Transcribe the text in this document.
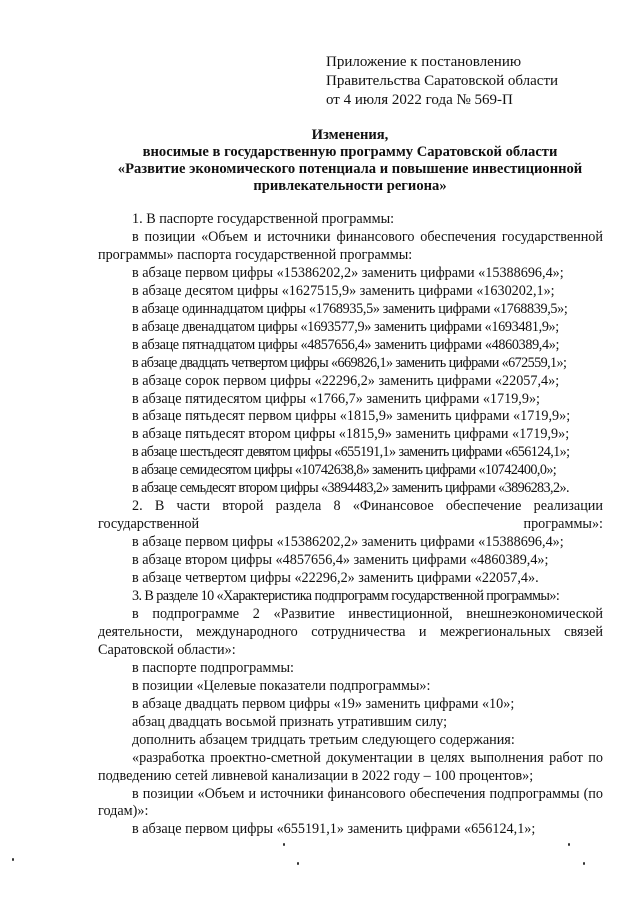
Приложение к постановлению
Правительства Саратовской области
от 4 июля 2022 года № 569-П
Изменения,
вносимые в государственную программу Саратовской области
«Развитие экономического потенциала и повышение инвестиционной
привлекательности региона»
1. В паспорте государственной программы:
в позиции «Объем и источники финансового обеспечения государственной программы» паспорта государственной программы:
в абзаце первом цифры «15386202,2» заменить цифрами «15388696,4»;
в абзаце десятом цифры «1627515,9» заменить цифрами «1630202,1»;
в абзаце одиннадцатом цифры «1768935,5» заменить цифрами «1768839,5»;
в абзаце двенадцатом цифры «1693577,9» заменить цифрами «1693481,9»;
в абзаце пятнадцатом цифры «4857656,4» заменить цифрами «4860389,4»;
в абзаце двадцать четвертом цифры «669826,1» заменить цифрами «672559,1»;
в абзаце сорок первом цифры «22296,2» заменить цифрами «22057,4»;
в абзаце пятидесятом цифры «1766,7» заменить цифрами «1719,9»;
в абзаце пятьдесят первом цифры «1815,9» заменить цифрами «1719,9»;
в абзаце пятьдесят втором цифры «1815,9» заменить цифрами «1719,9»;
в абзаце шестьдесят девятом цифры «655191,1» заменить цифрами «656124,1»;
в абзаце семидесятом цифры «10742638,8» заменить цифрами «10742400,0»;
в абзаце семьдесят втором цифры «3894483,2» заменить цифрами «3896283,2».
2. В части второй раздела 8 «Финансовое обеспечение реализации государственной программы»:
в абзаце первом цифры «15386202,2» заменить цифрами «15388696,4»;
в абзаце втором цифры «4857656,4» заменить цифрами «4860389,4»;
в абзаце четвертом цифры «22296,2» заменить цифрами «22057,4».
3. В разделе 10 «Характеристика подпрограмм государственной программы»:
в подпрограмме 2 «Развитие инвестиционной, внешнеэкономической деятельности, международного сотрудничества и межрегиональных связей Саратовской области»:
в паспорте подпрограммы:
в позиции «Целевые показатели подпрограммы»:
в абзаце двадцать первом цифры «19» заменить цифрами «10»;
абзац двадцать восьмой признать утратившим силу;
дополнить абзацем тридцать третьим следующего содержания:
«разработка проектно-сметной документации в целях выполнения работ по подведению сетей ливневой канализации в 2022 году – 100 процентов»;
в позиции «Объем и источники финансового обеспечения подпрограммы (по годам)»:
в абзаце первом цифры «655191,1» заменить цифрами «656124,1»;
